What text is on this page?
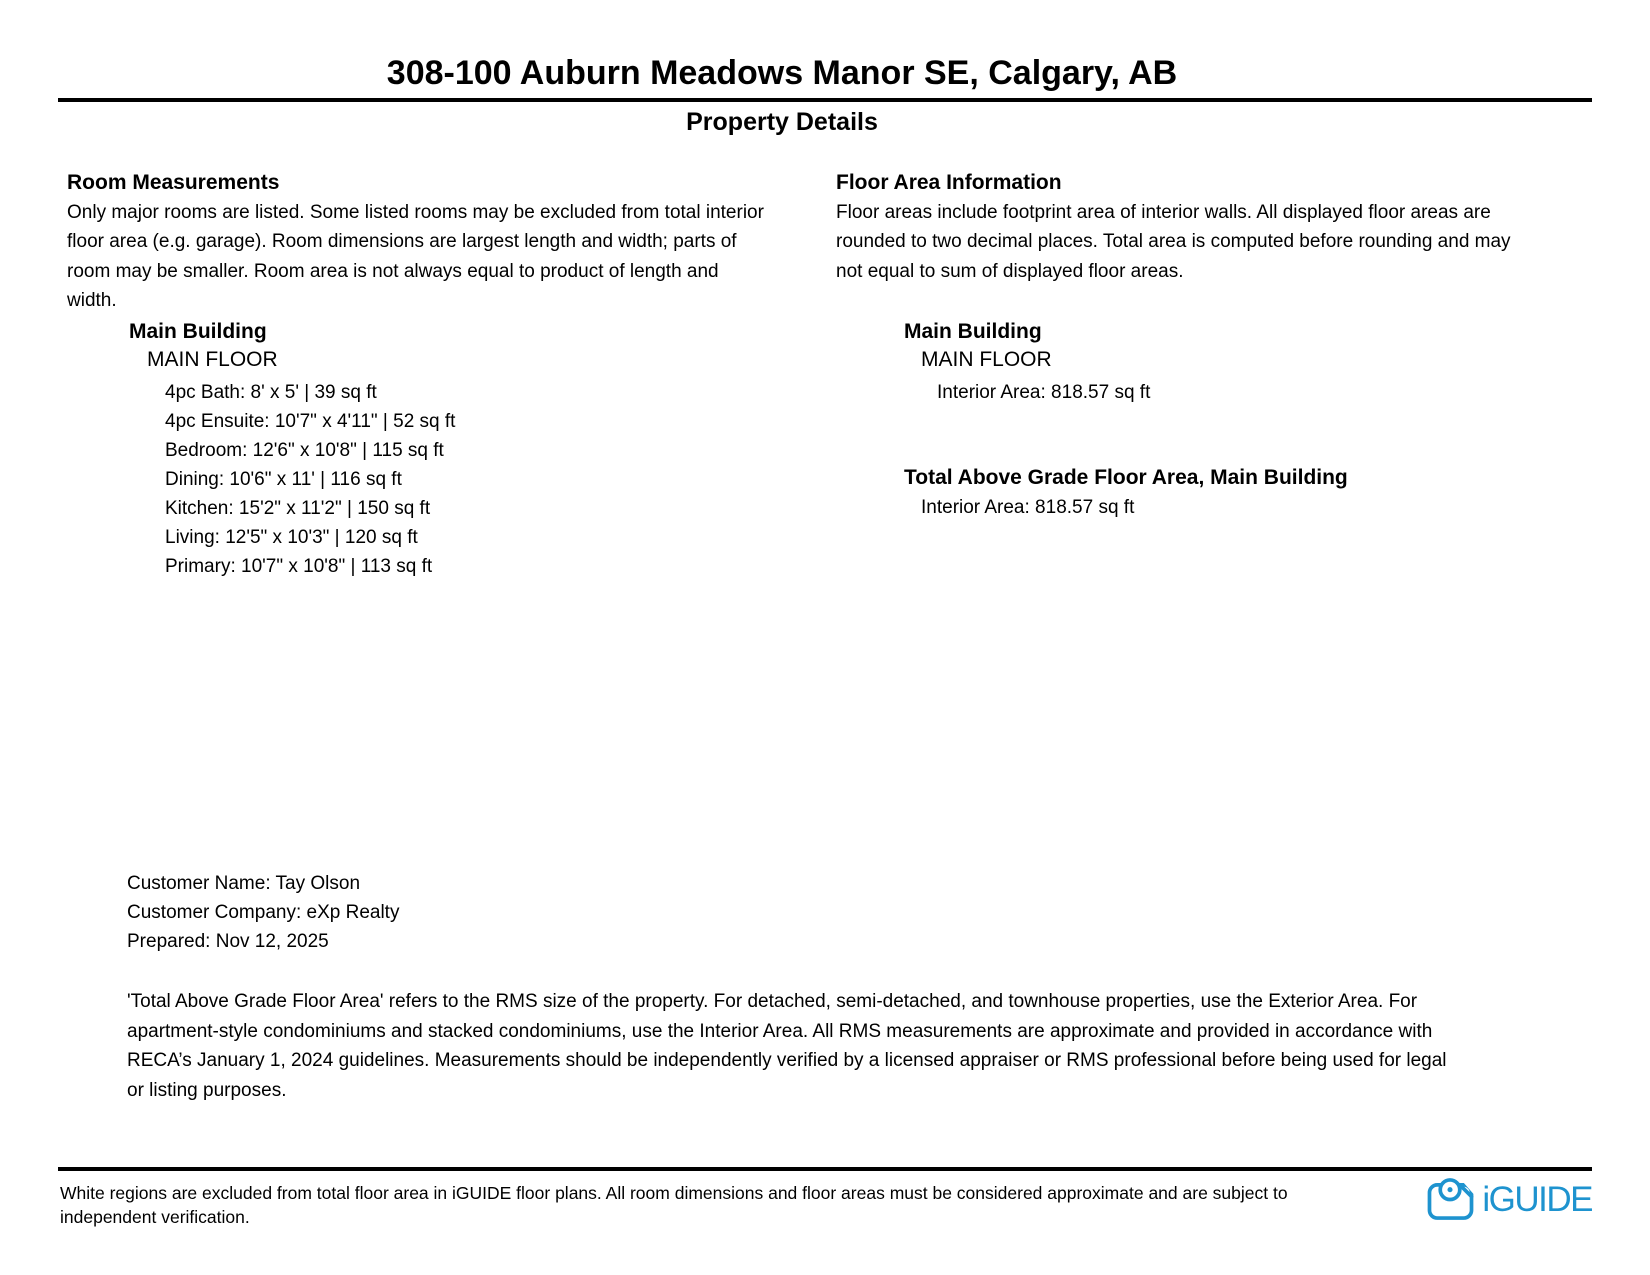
308-100 Auburn Meadows Manor SE, Calgary, AB
Property Details
Room Measurements
Only major rooms are listed. Some listed rooms may be excluded from total interior floor area (e.g. garage). Room dimensions are largest length and width; parts of room may be smaller. Room area is not always equal to product of length and width.
Main Building
MAIN FLOOR
4pc Bath: 8' x 5' | 39 sq ft
4pc Ensuite: 10'7" x 4'11" | 52 sq ft
Bedroom: 12'6" x 10'8" | 115 sq ft
Dining: 10'6" x 11' | 116 sq ft
Kitchen: 15'2" x 11'2" | 150 sq ft
Living: 12'5" x 10'3" | 120 sq ft
Primary: 10'7" x 10'8" | 113 sq ft
Floor Area Information
Floor areas include footprint area of interior walls. All displayed floor areas are rounded to two decimal places. Total area is computed before rounding and may not equal to sum of displayed floor areas.
Main Building
MAIN FLOOR
Interior Area: 818.57 sq ft
Total Above Grade Floor Area, Main Building
Interior Area: 818.57 sq ft
Customer Name: Tay Olson
Customer Company: eXp Realty
Prepared: Nov 12, 2025
'Total Above Grade Floor Area' refers to the RMS size of the property. For detached, semi-detached, and townhouse properties, use the Exterior Area. For apartment-style condominiums and stacked condominiums, use the Interior Area. All RMS measurements are approximate and provided in accordance with RECA’s January 1, 2024 guidelines. Measurements should be independently verified by a licensed appraiser or RMS professional before being used for legal or listing purposes.
White regions are excluded from total floor area in iGUIDE floor plans. All room dimensions and floor areas must be considered approximate and are subject to independent verification.	iGUIDE
